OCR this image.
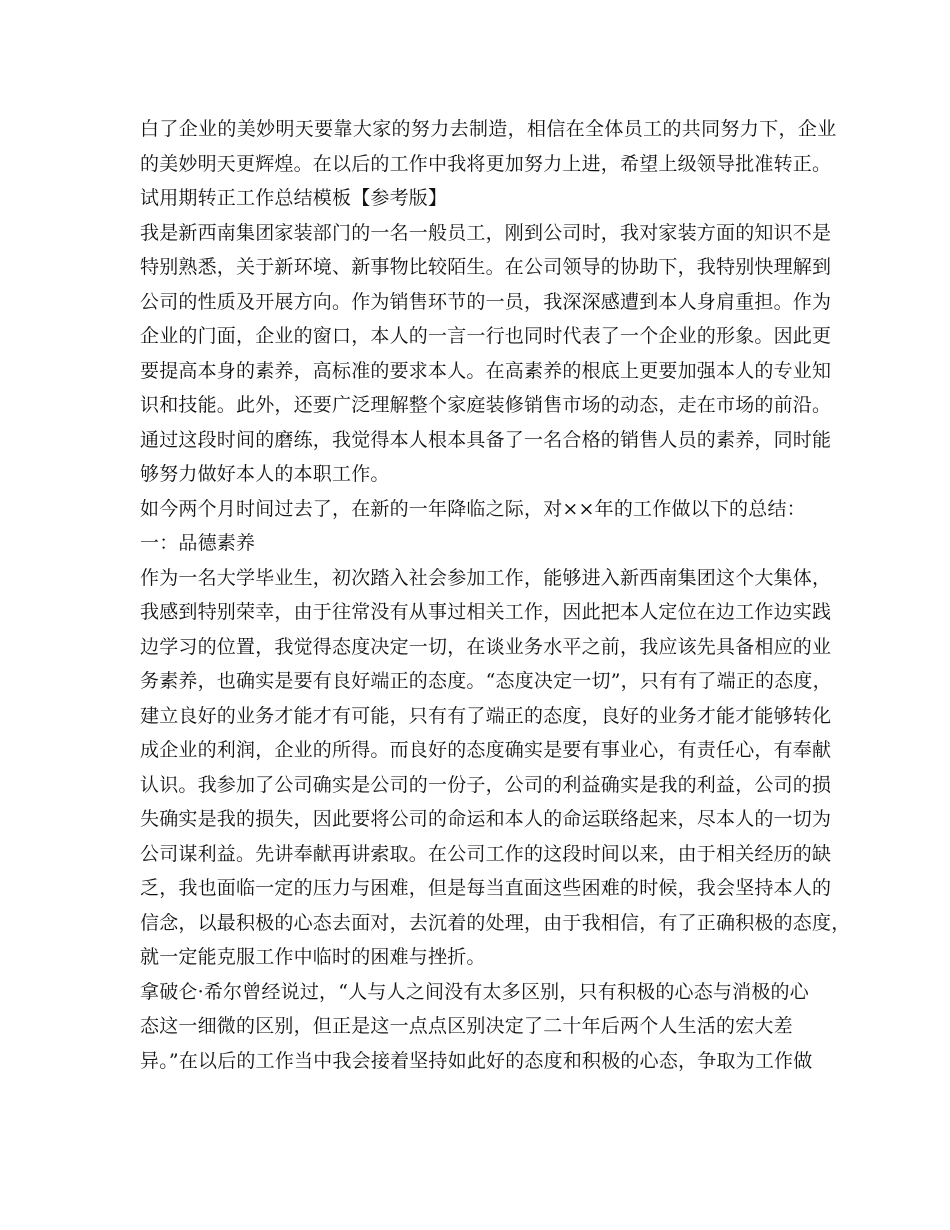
白了企业的美妙明天要靠大家的努力去制造，相信在全体员工的共同努力下，企业
的美妙明天更辉煌。在以后的工作中我将更加努力上进，希望上级领导批准转正。
试用期转正工作总结模板【参考版】
我是新西南集团家装部门的一名一般员工，刚到公司时，我对家装方面的知识不是
特别熟悉，关于新环境、新事物比较陌生。在公司领导的协助下，我特别快理解到
公司的性质及开展方向。作为销售环节的一员，我深深感遭到本人身肩重担。作为
企业的门面，企业的窗口，本人的一言一行也同时代表了一个企业的形象。因此更
要提高本身的素养，高标准的要求本人。在高素养的根底上更要加强本人的专业知
识和技能。此外，还要广泛理解整个家庭装修销售市场的动态，走在市场的前沿。
通过这段时间的磨练，我觉得本人根本具备了一名合格的销售人员的素养，同时能
够努力做好本人的本职工作。
如今两个月时间过去了，在新的一年降临之际，对××年的工作做以下的总结：
一：品德素养
作为一名大学毕业生，初次踏入社会参加工作，能够进入新西南集团这个大集体，
我感到特别荣幸，由于往常没有从事过相关工作，因此把本人定位在边工作边实践
边学习的位置，我觉得态度决定一切，在谈业务水平之前，我应该先具备相应的业
务素养，也确实是要有良好端正的态度。“态度决定一切”，只有有了端正的态度，
建立良好的业务才能才有可能，只有有了端正的态度，良好的业务才能才能够转化
成企业的利润，企业的所得。而良好的态度确实是要有事业心，有责任心，有奉献
认识。我参加了公司确实是公司的一份子，公司的利益确实是我的利益，公司的损
失确实是我的损失，因此要将公司的命运和本人的命运联络起来，尽本人的一切为
公司谋利益。先讲奉献再讲索取。在公司工作的这段时间以来，由于相关经历的缺
乏，我也面临一定的压力与困难，但是每当直面这些困难的时候，我会坚持本人的
信念，以最积极的心态去面对，去沉着的处理，由于我相信，有了正确积极的态度，
就一定能克服工作中临时的困难与挫折。
拿破仑·希尔曾经说过，“人与人之间没有太多区别，只有积极的心态与消极的心
态这一细微的区别，但正是这一点点区别决定了二十年后两个人生活的宏大差
异。”在以后的工作当中我会接着坚持如此好的态度和积极的心态，争取为工作做
